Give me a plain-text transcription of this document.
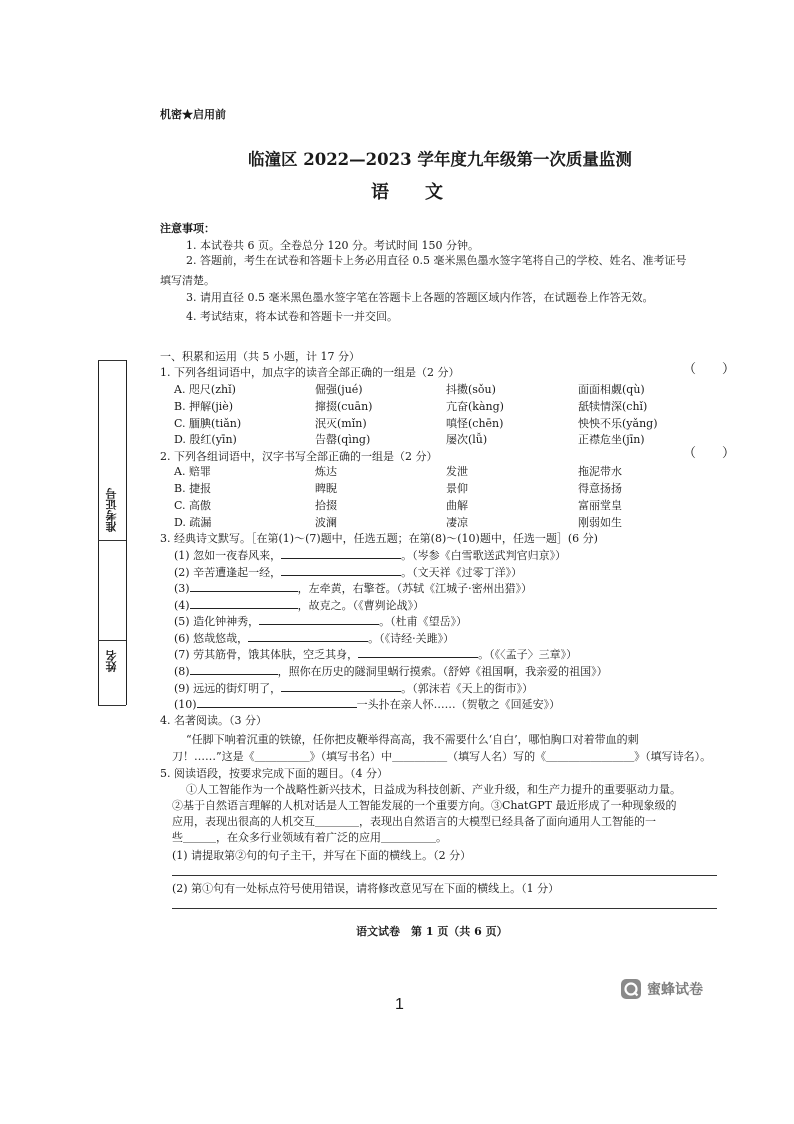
机密★启用前
临潼区 2022—2023 学年度九年级第一次质量监测
语　　文
注意事项：
1. 本试卷共 6 页。全卷总分 120 分。考试时间 150 分钟。
2. 答题前，考生在试卷和答题卡上务必用直径 0.5 毫米黑色墨水签字笔将自己的学校、姓名、准考证号
填写清楚。
3. 请用直径 0.5 毫米黑色墨水签字笔在答题卡上各题的答题区域内作答，在试题卷上作答无效。
4. 考试结束，将本试卷和答题卡一并交回。
准考证号
姓名
一、积累和运用（共 5 小题，计 17 分）
1. 下列各组词语中，加点字的读音全部正确的一组是（2 分）	（　　）
A. 咫尺(zhǐ)	倔强(jué)	抖擞(sǒu)	面面相觑(qù)
B. 押解(jiè)	撺掇(cuān)	亢奋(kàng)	舐犊情深(chǐ)
C. 腼腆(tiǎn)	泯灭(mǐn)	嗔怪(chēn)	怏怏不乐(yǎng)
D. 殷红(yīn)	告罄(qìng)	屡次(lǚ)	正襟危坐(jīn)
2. 下列各组词语中，汉字书写全部正确的一组是（2 分）	（　　）
A. 赔罪	炼达	发泄	拖泥带水
B. 捷报	睥睨	景仰	得意扬扬
C. 高傲	拾掇	曲解	富丽堂皇
D. 疏漏	波澜	凄凉	刚弱如生
3. 经典诗文默写。［在第(1)～(7)题中，任选五题；在第(8)～(10)题中，任选一题］(6 分)
(1) 忽如一夜春风来，	。（岑参《白雪歌送武判官归京》）
(2) 辛苦遭逢起一经，	。（文天祥《过零丁洋》）
(3)	，左牵黄，右擎苍。（苏轼《江城子·密州出猎》）
(4)	，故克之。（《曹刿论战》）
(5) 造化钟神秀，	。（杜甫《望岳》）
(6) 悠哉悠哉，	。（《诗经·关雎》）
(7) 劳其筋骨，饿其体肤，空乏其身，	。（《〈孟子〉三章》）
(8)	，照你在历史的隧洞里蜗行摸索。（舒婷《祖国啊，我亲爱的祖国》）
(9) 远远的街灯明了，	。（郭沫若《天上的街市》）
(10)	一头扑在亲人怀……（贺敬之《回延安》）
4. 名著阅读。（3 分）
“任脚下响着沉重的铁镣，任你把皮鞭举得高高，我不需要什么‘自白’，哪怕胸口对着带血的刺
刀！……”这是《＿＿＿＿＿》（填写书名）中＿＿＿＿＿（填写人名）写的《＿＿＿＿＿＿＿＿》（填写诗名）。
5. 阅读语段，按要求完成下面的题目。（4 分）
①人工智能作为一个战略性新兴技术，日益成为科技创新、产业升级，和生产力提升的重要驱动力量。
②基于自然语言理解的人机对话是人工智能发展的一个重要方向。③ChatGPT 最近形成了一种现象级的
应用，表现出很高的人机交互＿＿＿＿，表现出自然语言的大模型已经具备了面向通用人工智能的一
些＿＿＿，在众多行业领域有着广泛的应用＿＿＿＿＿。
(1) 请提取第②句的句子主干，并写在下面的横线上。（2 分）
(2) 第①句有一处标点符号使用错误，请将修改意见写在下面的横线上。（1 分）
语文试卷　第 1 页（共 6 页）
1
蜜蜂试卷
